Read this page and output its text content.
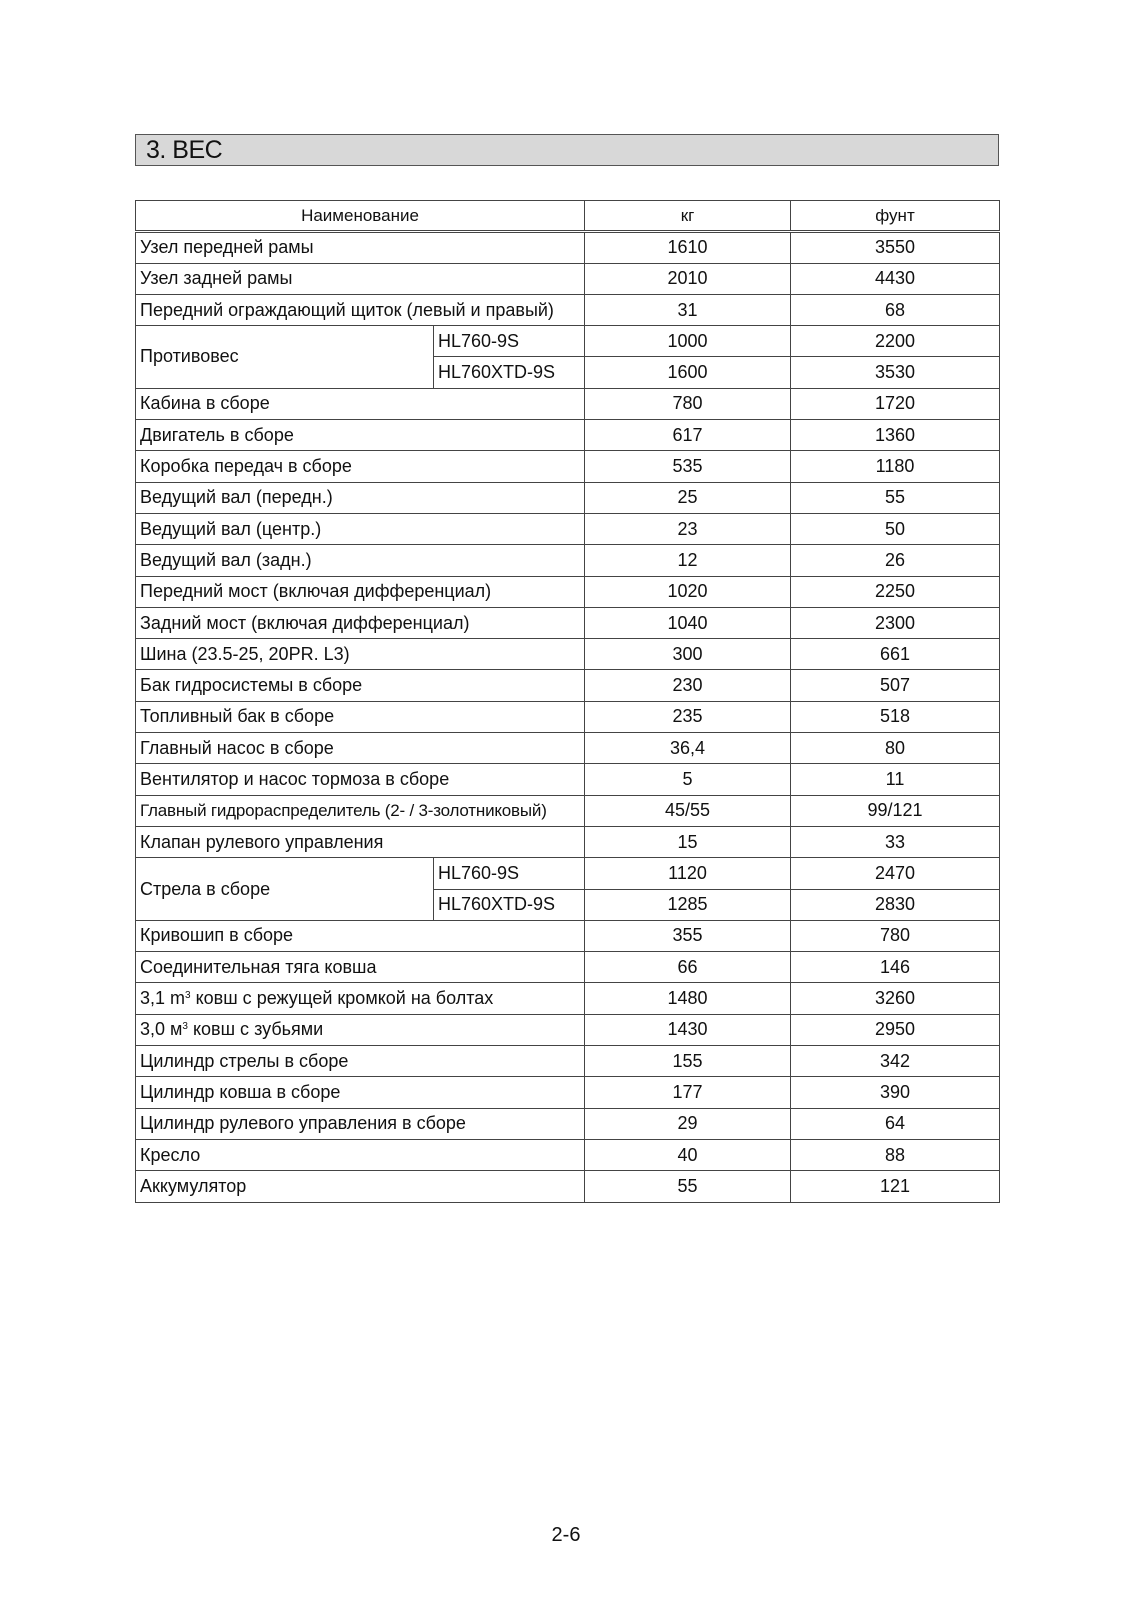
3. ВЕС
Наименование		кг	фунт
Узел передней рамы		1610	3550
Узел задней рамы		2010	4430
Передний ограждающий щиток (левый и правый)		31	68
Противовес	HL760-9S	1000	2200
	HL760XTD-9S	1600	3530
Кабина в сборе		780	1720
Двигатель в сборе		617	1360
Коробка передач в сборе		535	1180
Ведущий вал (передн.)		25	55
Ведущий вал (центр.)		23	50
Ведущий вал (задн.)		12	26
Передний мост (включая дифференциал)		1020	2250
Задний мост (включая дифференциал)		1040	2300
Шина (23.5-25, 20PR. L3)		300	661
Бак гидросистемы в сборе		230	507
Топливный бак в сборе		235	518
Главный насос в сборе		36,4	80
Вентилятор и насос тормоза в сборе		5	11
Главный гидрораспределитель (2- / 3-золотниковый)		45/55	99/121
Клапан рулевого управления		15	33
Стрела в сборе	HL760-9S	1120	2470
	HL760XTD-9S	1285	2830
Кривошип в сборе		355	780
Соединительная тяга ковша		66	146
3,1 $m^3$ ковш с режущей кромкой на болтах		1480	3260
3,0 $м^3$ ковш с зубьями		1430	2950
Цилиндр стрелы в сборе		155	342
Цилиндр ковша в сборе		177	390
Цилиндр рулевого управления в сборе		29	64
Кресло		40	88
Аккумулятор		55	121
2-6
